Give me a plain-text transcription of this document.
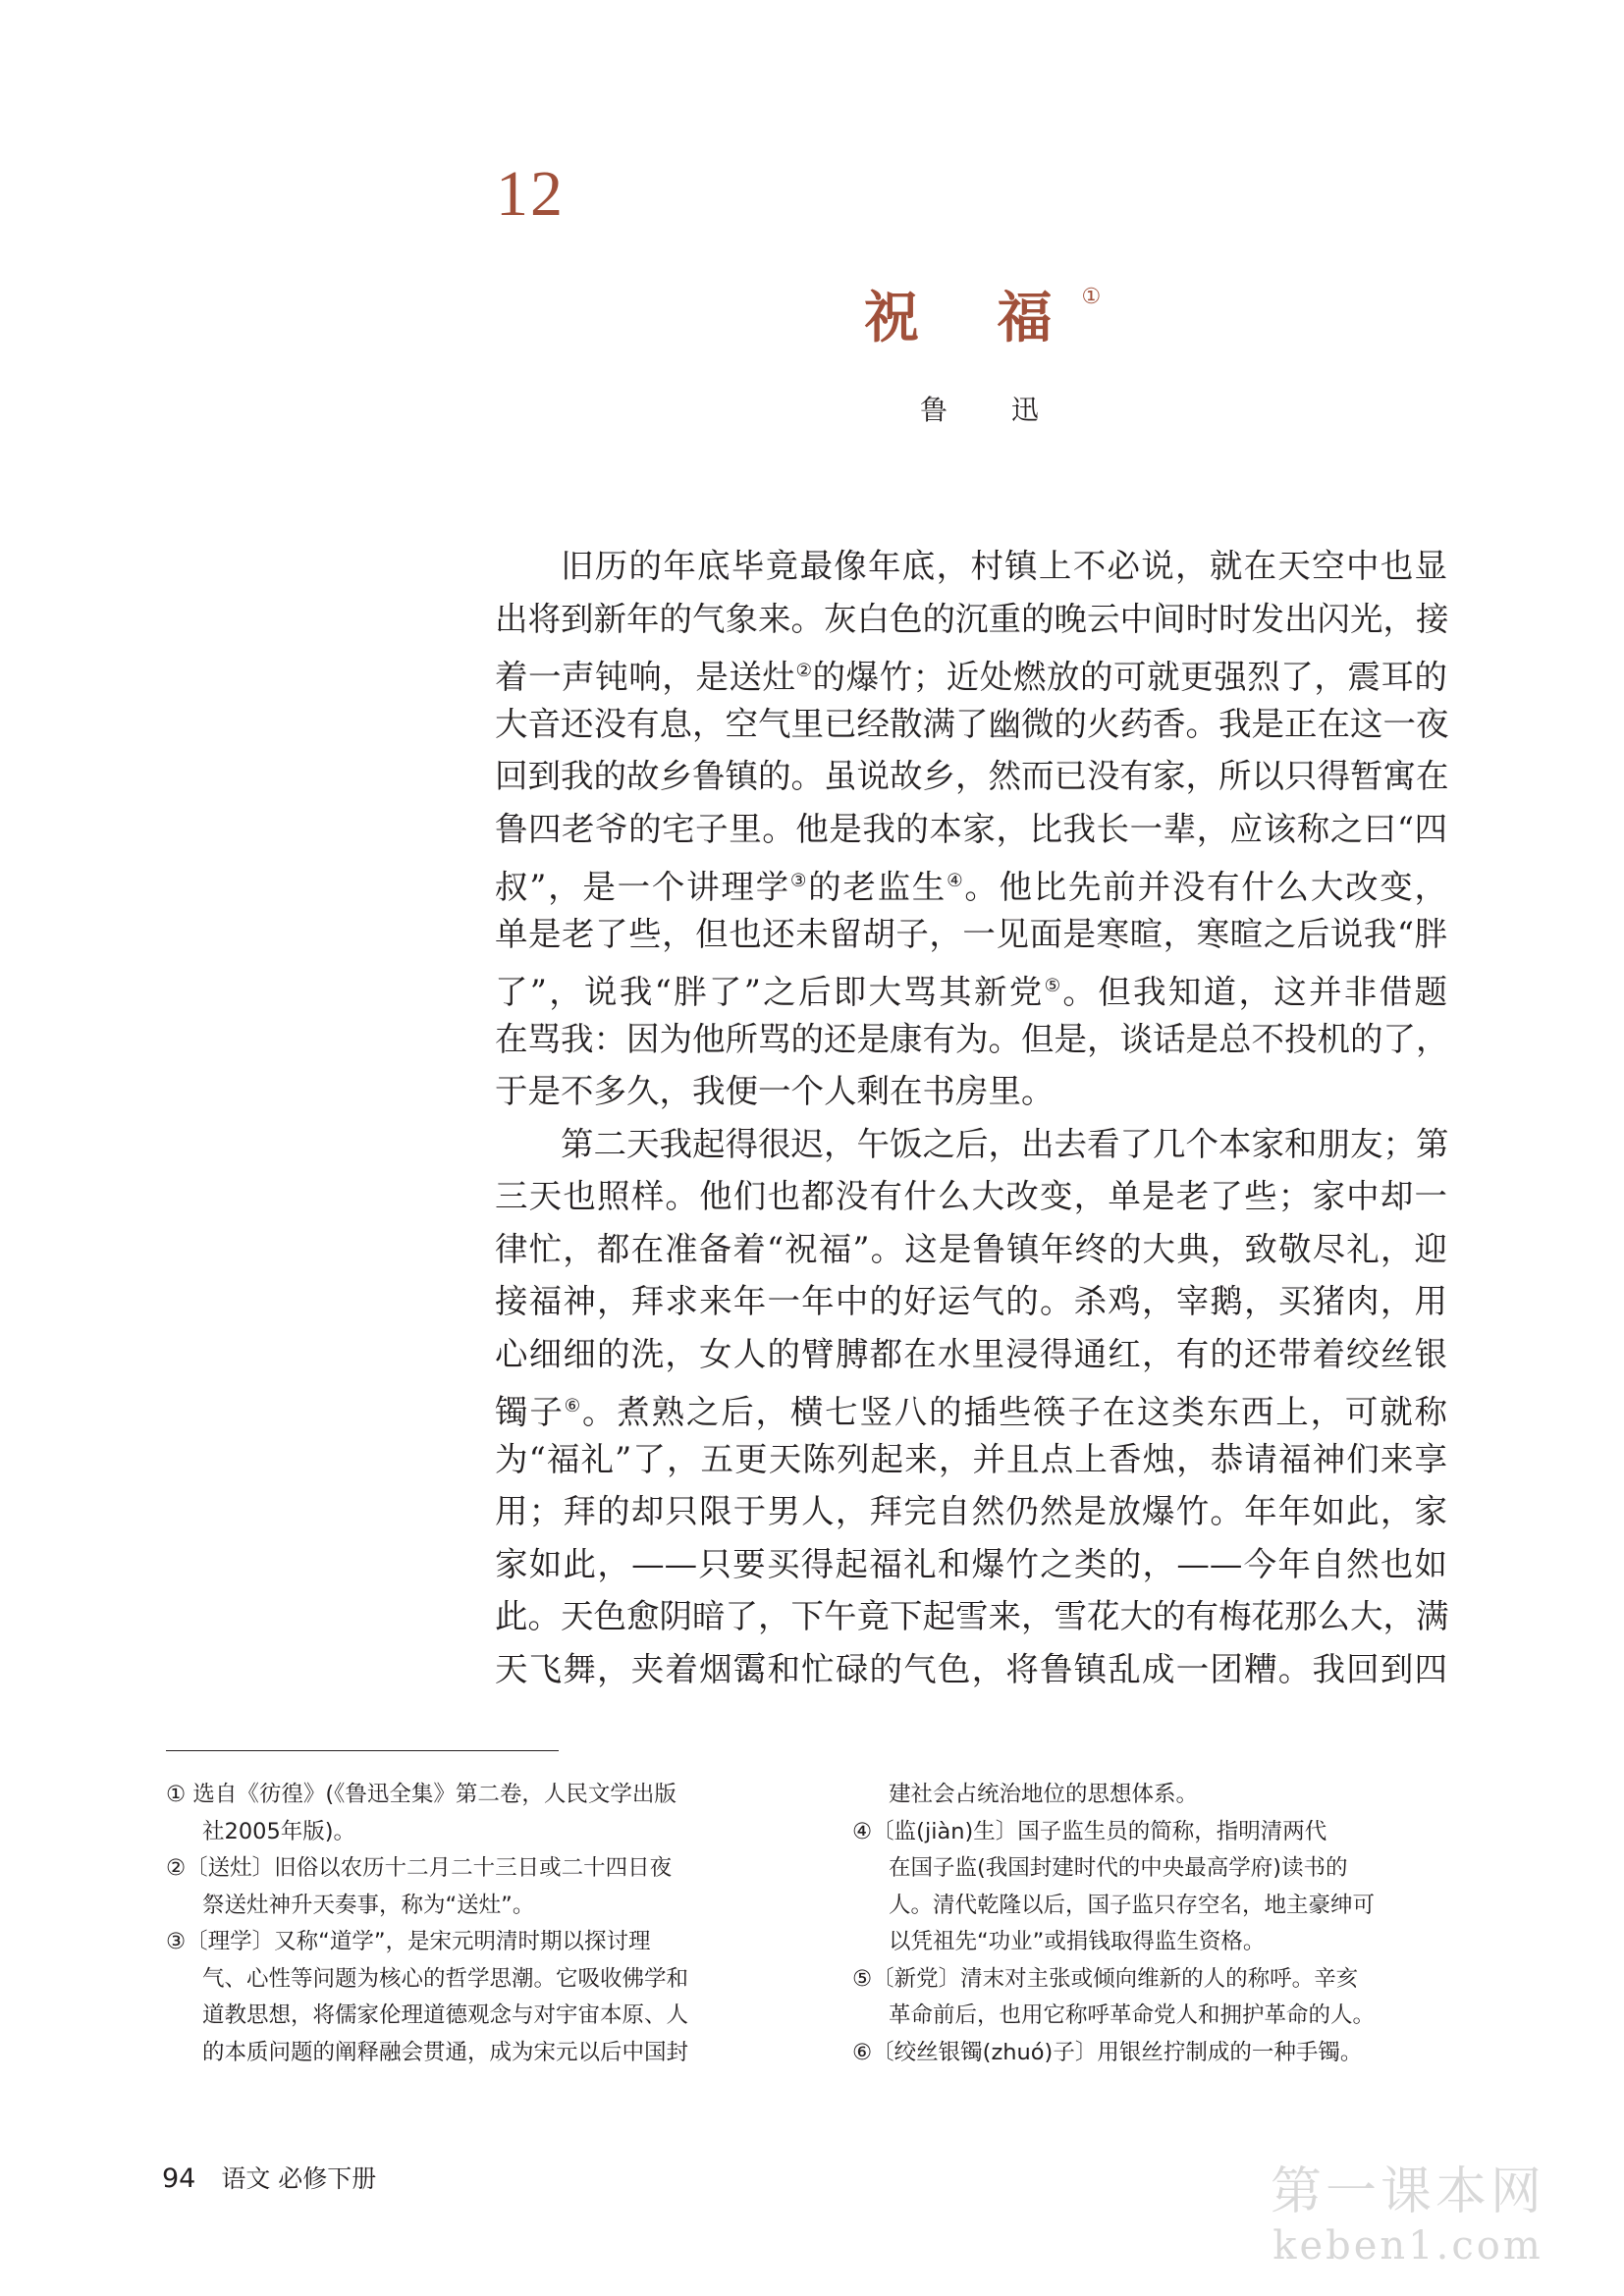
12
祝 福①
鲁 迅
旧历的年底毕竟最像年底，村镇上不必说，就在天空中也显
出将到新年的气象来。灰白色的沉重的晚云中间时时发出闪光，接
着一声钝响，是送灶②的爆竹；近处燃放的可就更强烈了，震耳的
大音还没有息，空气里已经散满了幽微的火药香。我是正在这一夜
回到我的故乡鲁镇的。虽说故乡，然而已没有家，所以只得暂寓在
鲁四老爷的宅子里。他是我的本家，比我长一辈，应该称之曰“四
叔”，是一个讲理学③的老监生④。他比先前并没有什么大改变，
单是老了些，但也还未留胡子，一见面是寒暄，寒暄之后说我“胖
了”，说我“胖了”之后即大骂其新党⑤。但我知道，这并非借题
在骂我：因为他所骂的还是康有为。但是，谈话是总不投机的了，
于是不多久，我便一个人剩在书房里。
第二天我起得很迟，午饭之后，出去看了几个本家和朋友；第
三天也照样。他们也都没有什么大改变，单是老了些；家中却一
律忙，都在准备着“祝福”。这是鲁镇年终的大典，致敬尽礼，迎
接福神，拜求来年一年中的好运气的。杀鸡，宰鹅，买猪肉，用
心细细的洗，女人的臂膊都在水里浸得通红，有的还带着绞丝银
镯子⑥。煮熟之后，横七竖八的插些筷子在这类东西上，可就称
为“福礼”了，五更天陈列起来，并且点上香烛，恭请福神们来享
用；拜的却只限于男人，拜完自然仍然是放爆竹。年年如此，家
家如此，——只要买得起福礼和爆竹之类的，——今年自然也如
此。天色愈阴暗了，下午竟下起雪来，雪花大的有梅花那么大，满
天飞舞，夹着烟霭和忙碌的气色，将鲁镇乱成一团糟。我回到四
① 选自《彷徨》(《鲁迅全集》第二卷，人民文学出版
社2005年版)。
②〔送灶〕旧俗以农历十二月二十三日或二十四日夜
祭送灶神升天奏事，称为“送灶”。
③〔理学〕又称“道学”，是宋元明清时期以探讨理
气、心性等问题为核心的哲学思潮。它吸收佛学和
道教思想，将儒家伦理道德观念与对宇宙本原、人
的本质问题的阐释融会贯通，成为宋元以后中国封
建社会占统治地位的思想体系。
④〔监(jiàn)生〕国子监生员的简称，指明清两代
在国子监(我国封建时代的中央最高学府)读书的
人。清代乾隆以后，国子监只存空名，地主豪绅可
以凭祖先“功业”或捐钱取得监生资格。
⑤〔新党〕清末对主张或倾向维新的人的称呼。辛亥
革命前后，也用它称呼革命党人和拥护革命的人。
⑥〔绞丝银镯(zhuó)子〕用银丝拧制成的一种手镯。
94 语文 必修下册	第一课本网
keben1.com
